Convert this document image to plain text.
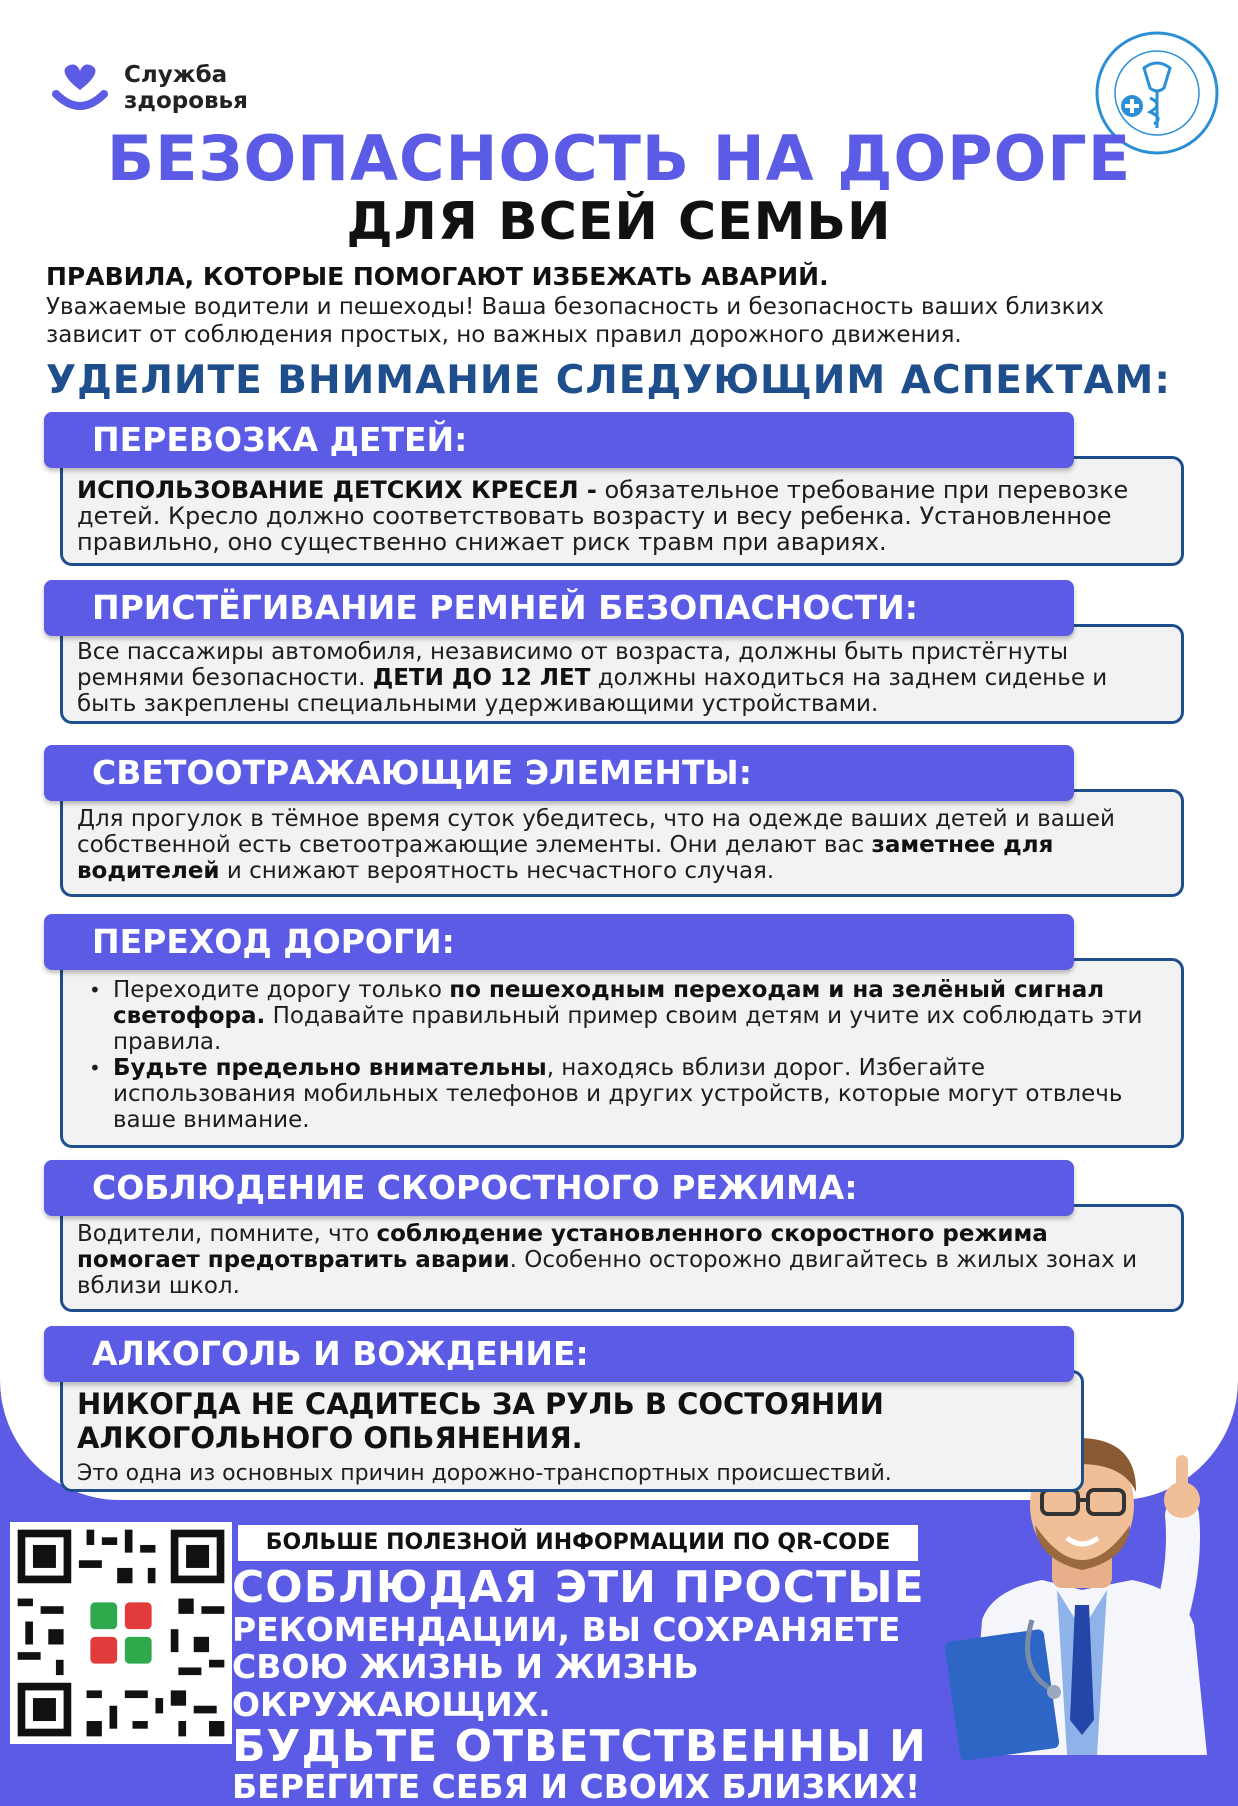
Служба
здоровья
БЕЗОПАСНОСТЬ НА ДОРОГЕ
ДЛЯ ВСЕЙ СЕМЬИ
ПРАВИЛА, КОТОРЫЕ ПОМОГАЮТ ИЗБЕЖАТЬ АВАРИЙ.
Уважаемые водители и пешеходы! Ваша безопасность и безопасность ваших близких зависит от соблюдения простых, но важных правил дорожного движения.
УДЕЛИТЕ ВНИМАНИЕ СЛЕДУЮЩИМ АСПЕКТАМ:
ПЕРЕВОЗКА ДЕТЕЙ:
ИСПОЛЬЗОВАНИЕ ДЕТСКИХ КРЕСЕЛ - обязательное требование при перевозке детей. Кресло должно соответствовать возрасту и весу ребенка. Установленное правильно, оно существенно снижает риск травм при авариях.
ПРИСТЁГИВАНИЕ РЕМНЕЙ БЕЗОПАСНОСТИ:
Все пассажиры автомобиля, независимо от возраста, должны быть пристёгнуты ремнями безопасности. ДЕТИ ДО 12 ЛЕТ должны находиться на заднем сиденье и быть закреплены специальными удерживающими устройствами.
СВЕТООТРАЖАЮЩИЕ ЭЛЕМЕНТЫ:
Для прогулок в тёмное время суток убедитесь, что на одежде ваших детей и вашей собственной есть светоотражающие элементы. Они делают вас заметнее для водителей и снижают вероятность несчастного случая.
ПЕРЕХОД ДОРОГИ:
• Переходите дорогу только по пешеходным переходам и на зелёный сигнал светофора. Подавайте правильный пример своим детям и учите их соблюдать эти правила.
• Будьте предельно внимательны, находясь вблизи дорог. Избегайте использования мобильных телефонов и других устройств, которые могут отвлечь ваше внимание.
СОБЛЮДЕНИЕ СКОРОСТНОГО РЕЖИМА:
Водители, помните, что соблюдение установленного скоростного режима помогает предотвратить аварии. Особенно осторожно двигайтесь в жилых зонах и вблизи школ.
АЛКОГОЛЬ И ВОЖДЕНИЕ:
НИКОГДА НЕ САДИТЕСЬ ЗА РУЛЬ В СОСТОЯНИИ АЛКОГОЛЬНОГО ОПЬЯНЕНИЯ.
Это одна из основных причин дорожно-транспортных происшествий.
БОЛЬШЕ ПОЛЕЗНОЙ ИНФОРМАЦИИ ПО QR-CODE
СОБЛЮДАЯ ЭТИ ПРОСТЫЕ
РЕКОМЕНДАЦИИ, ВЫ СОХРАНЯЕТЕ
СВОЮ ЖИЗНЬ И ЖИЗНЬ ОКРУЖАЮЩИХ.
БУДЬТЕ ОТВЕТСТВЕННЫ И
БЕРЕГИТЕ СЕБЯ И СВОИХ БЛИЗКИХ!
